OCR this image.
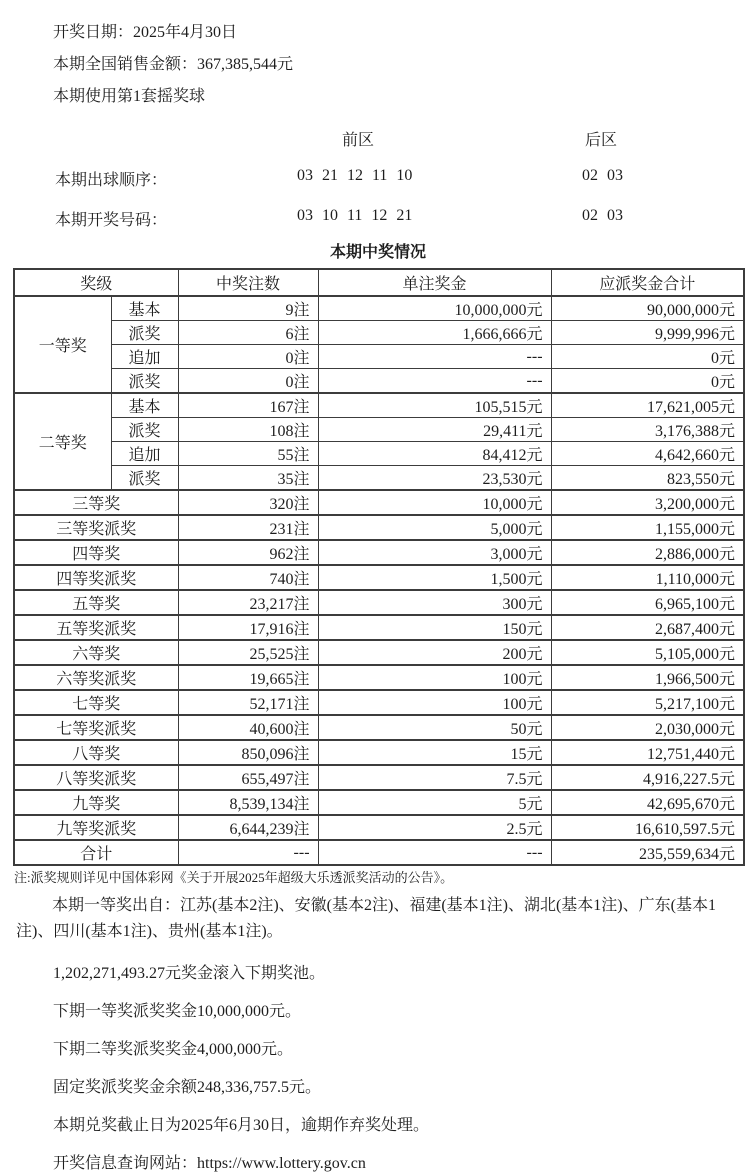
开奖日期：2025年4月30日
本期全国销售金额：367,385,544元
本期使用第1套摇奖球
前区	后区
本期出球顺序：	03 21 12 11 10	02 03
本期开奖号码：	03 10 11 12 21	02 03
本期中奖情况
奖级		中奖注数	单注奖金	应派奖金合计
一等奖	基本	9注	10,000,000元	90,000,000元
	派奖	6注	1,666,666元	9,999,996元
	追加	0注	---	0元
	派奖	0注	---	0元
二等奖	基本	167注	105,515元	17,621,005元
	派奖	108注	29,411元	3,176,388元
	追加	55注	84,412元	4,642,660元
	派奖	35注	23,530元	823,550元
三等奖		320注	10,000元	3,200,000元
三等奖派奖		231注	5,000元	1,155,000元
四等奖		962注	3,000元	2,886,000元
四等奖派奖		740注	1,500元	1,110,000元
五等奖		23,217注	300元	6,965,100元
五等奖派奖		17,916注	150元	2,687,400元
六等奖		25,525注	200元	5,105,000元
六等奖派奖		19,665注	100元	1,966,500元
七等奖		52,171注	100元	5,217,100元
七等奖派奖		40,600注	50元	2,030,000元
八等奖		850,096注	15元	12,751,440元
八等奖派奖		655,497注	7.5元	4,916,227.5元
九等奖		8,539,134注	5元	42,695,670元
九等奖派奖		6,644,239注	2.5元	16,610,597.5元
合计		---	---	235,559,634元
注:派奖规则详见中国体彩网《关于开展2025年超级大乐透派奖活动的公告》。
本期一等奖出自：江苏(基本2注)、安徽(基本2注)、福建(基本1注)、湖北(基本1注)、广东(基本1注)、四川(基本1注)、贵州(基本1注)。
1,202,271,493.27元奖金滚入下期奖池。
下期一等奖派奖奖金10,000,000元。
下期二等奖派奖奖金4,000,000元。
固定奖派奖奖金余额248,336,757.5元。
本期兑奖截止日为2025年6月30日，逾期作弃奖处理。
开奖信息查询网站：https://www.lottery.gov.cn
